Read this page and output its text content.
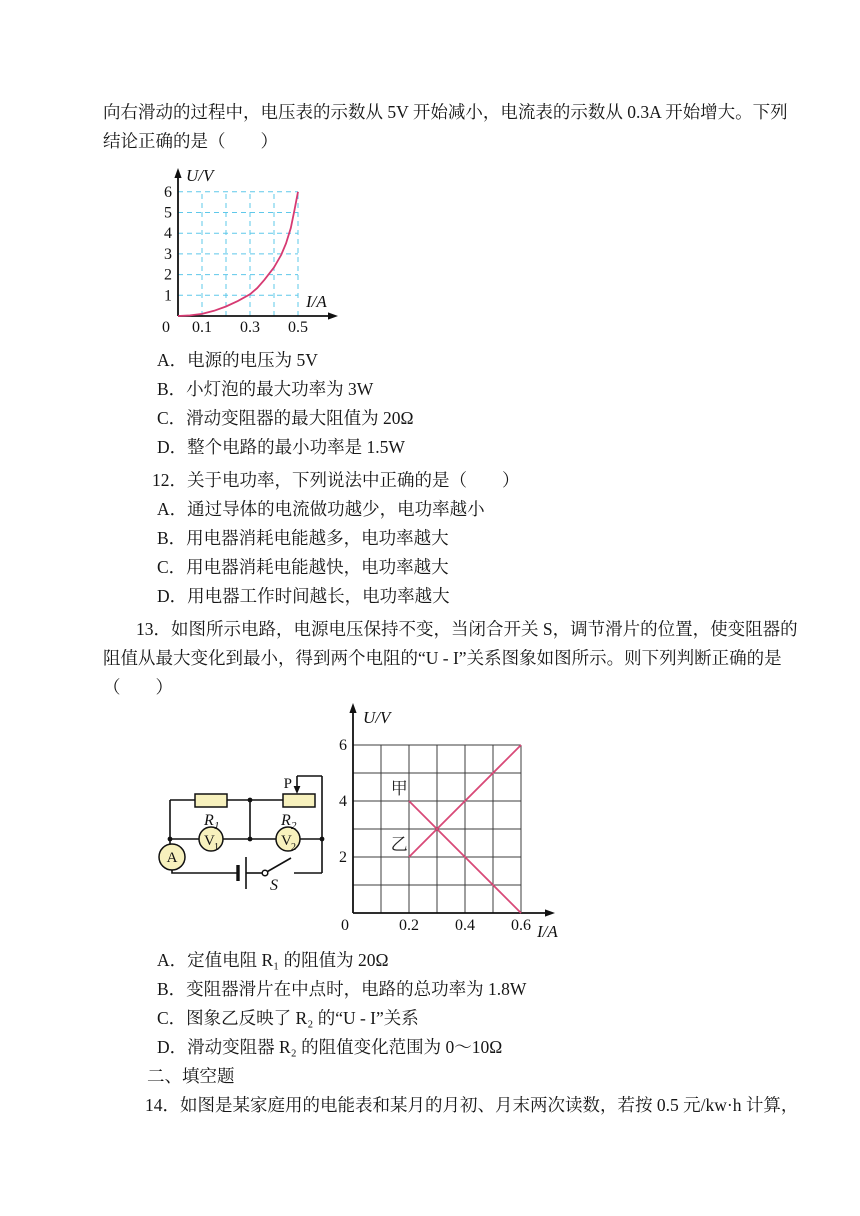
向右滑动的过程中，电压表的示数从 5V 开始减小，电流表的示数从 0.3A 开始增大。下列
结论正确的是（　　）
0.1 0.3 0.5
1
2
3
4
5
6
0
U/V
I/A
A．电源的电压为 5V
B．小灯泡的最大功率为 3W
C．滑动变阻器的最大阻值为 20Ω
D．整个电路的最小功率是 1.5W
12．关于电功率，下列说法中正确的是（　　）
A．通过导体的电流做功越少，电功率越小
B．用电器消耗电能越多，电功率越大
C．用电器消耗电能越快，电功率越大
D．用电器工作时间越长，电功率越大
13．如图所示电路，电源电压保持不变，当闭合开关 S，调节滑片的位置，使变阻器的
阻值从最大变化到最小，得到两个电阻的“U - I”关系图象如图所示。则下列判断正确的是
（　　）
R 1	R 2
V 1	V 2
A
P
S
0.2 0.4 0.6
2
4
6
0
U/V
I/A
甲
乙
A．定值电阻 R₁ 的阻值为 20Ω
B．变阻器滑片在中点时，电路的总功率为 1.8W
C．图象乙反映了 R₂ 的“U - I”关系
D．滑动变阻器 R₂ 的阻值变化范围为 0～10Ω
二、填空题
14．如图是某家庭用的电能表和某月的月初、月末两次读数，若按 0.5 元/kw·h 计算，
